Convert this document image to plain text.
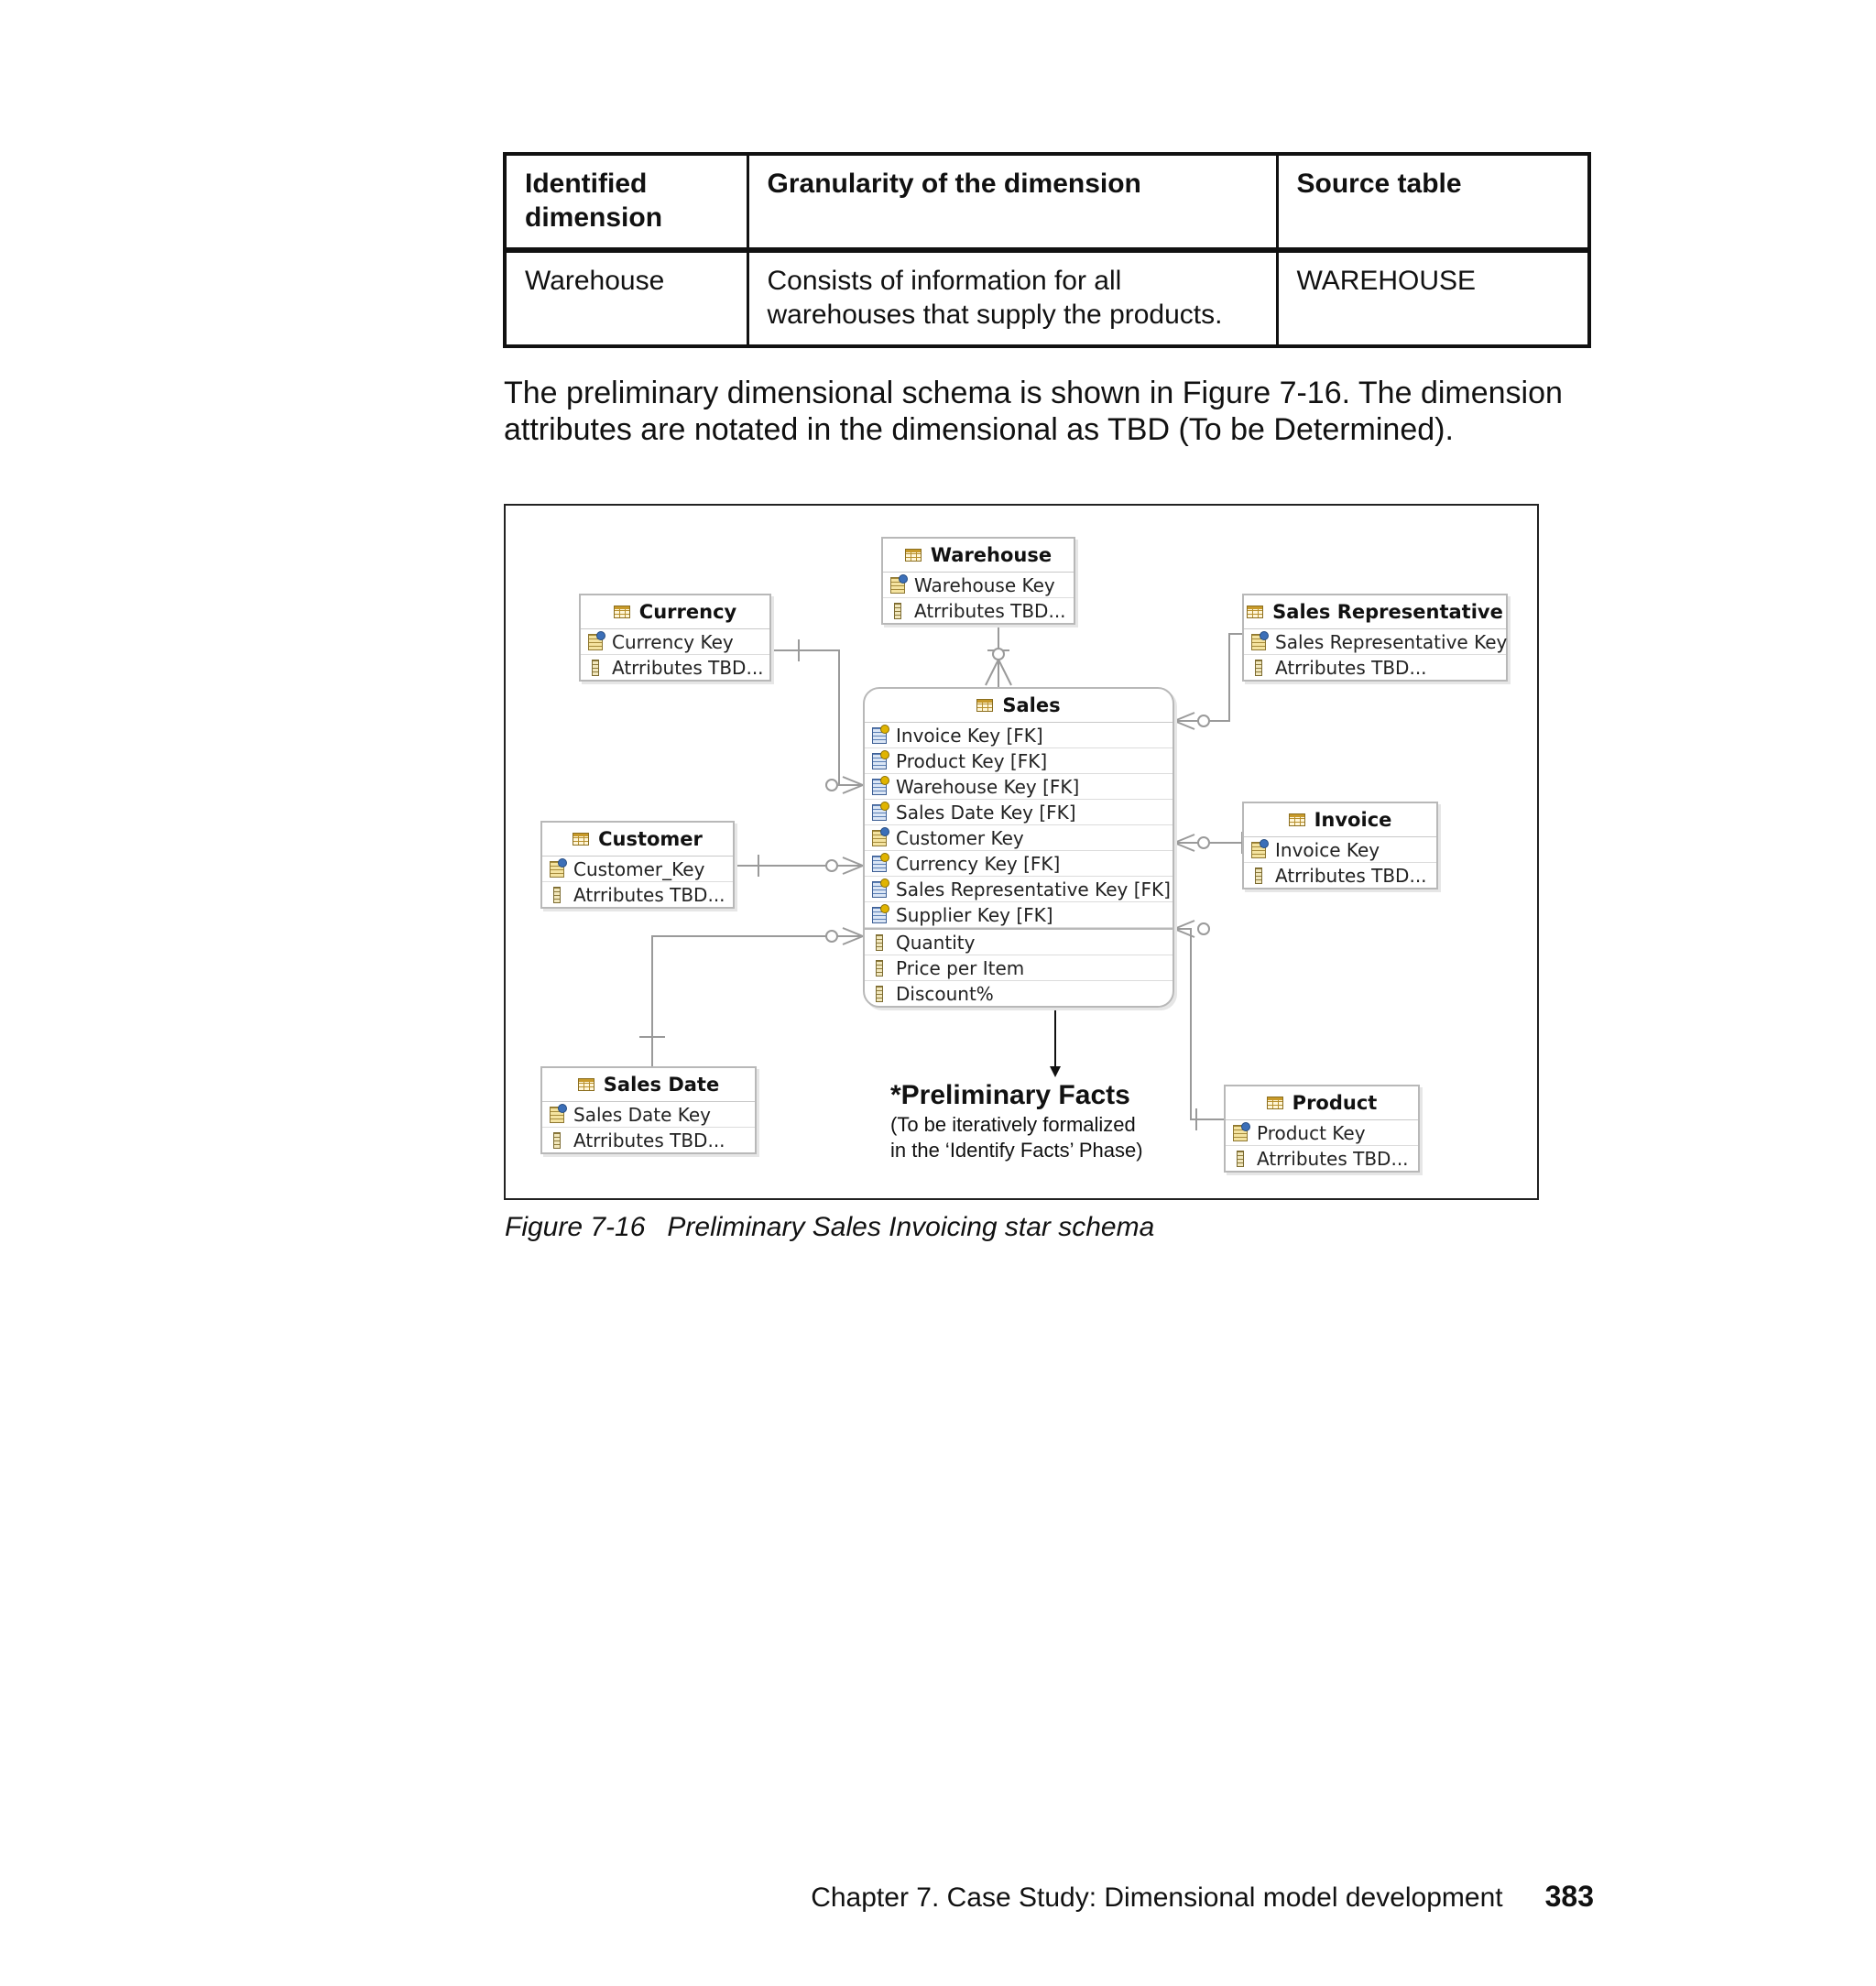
Identified dimension	Granularity of the dimension	Source table
Warehouse	Consists of information for all warehouses that supply the products.	WAREHOUSE

The preliminary dimensional schema is shown in Figure 7-16. The dimension attributes are notated in the dimensional as TBD (To be Determined).

Warehouse
Warehouse Key
Atrributes TBD...
Currency
Currency Key
Atrributes TBD...
Sales Representative
Sales Representative Key
Atrributes TBD...
Customer
Customer_Key
Atrributes TBD...
Invoice
Invoice Key
Atrributes TBD...
Sales Date
Sales Date Key
Atrributes TBD...
Product
Product Key
Atrributes TBD...
Sales
Invoice Key [FK]
Product Key [FK]
Warehouse Key [FK]
Sales Date Key [FK]
Customer Key
Currency Key [FK]
Sales Representative Key [FK]
Supplier Key [FK]
Quantity
Price per Item
Discount%
*Preliminary Facts
(To be iteratively formalized
in the ‘Identify Facts’ Phase)
Figure 7-16 Preliminary Sales Invoicing star schema
Chapter 7. Case Study: Dimensional model development 383
